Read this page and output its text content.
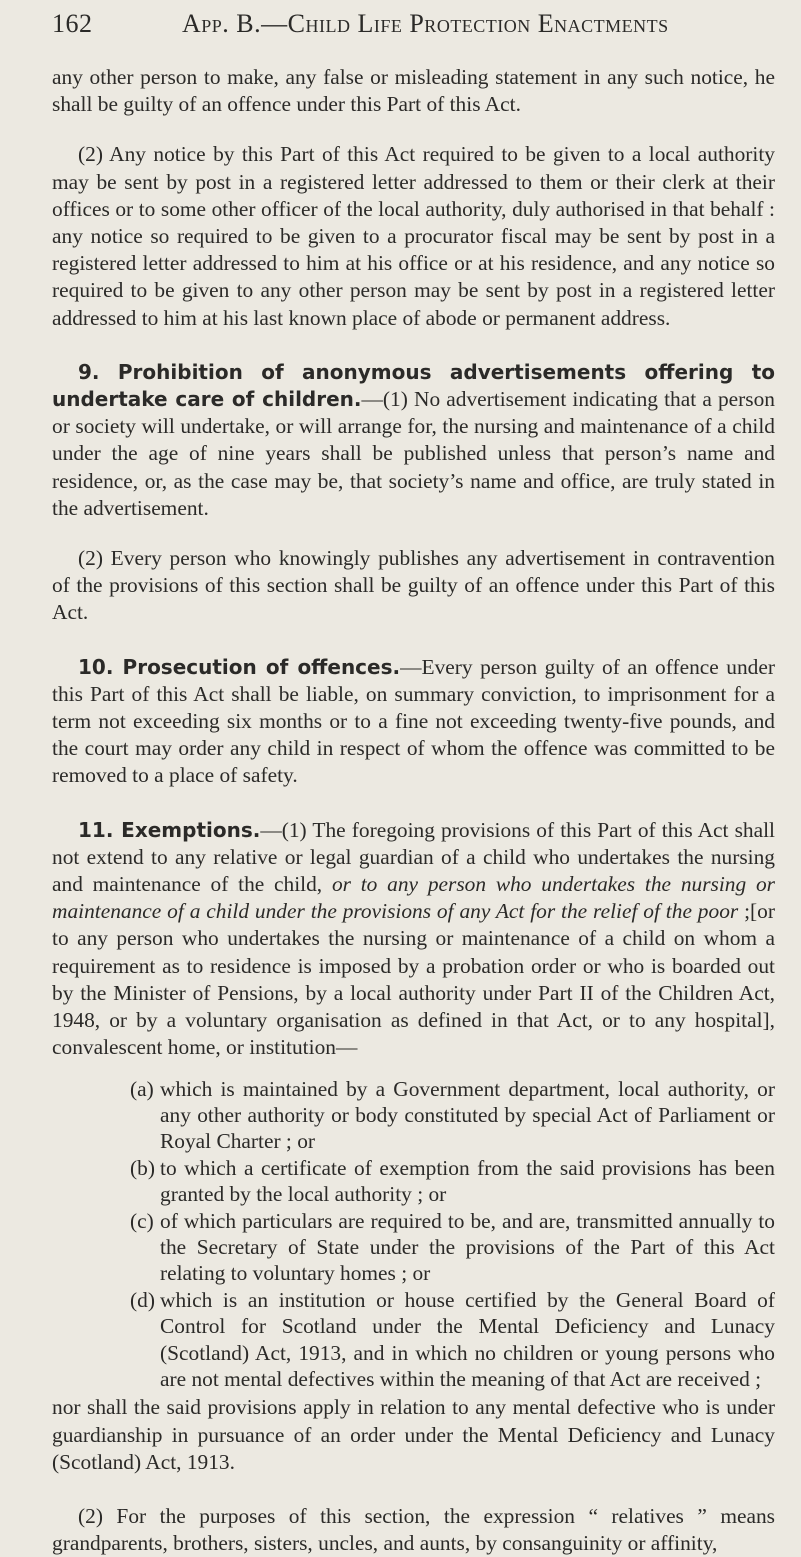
162	App. B.—Child Life Protection Enactments

any other person to make, any false or misleading statement in any such notice, he shall be guilty of an offence under this Part of this Act.

(2) Any notice by this Part of this Act required to be given to a local authority may be sent by post in a registered letter addressed to them or their clerk at their offices or to some other officer of the local authority, duly authorised in that behalf : any notice so required to be given to a procurator fiscal may be sent by post in a registered letter addressed to him at his office or at his residence, and any notice so required to be given to any other person may be sent by post in a registered letter addressed to him at his last known place of abode or permanent address.

9. Prohibition of anonymous advertisements offering to undertake care of children.—(1) No advertisement indicating that a person or society will undertake, or will arrange for, the nursing and maintenance of a child under the age of nine years shall be published unless that person’s name and residence, or, as the case may be, that society’s name and office, are truly stated in the advertisement.

(2) Every person who knowingly publishes any advertisement in contravention of the provisions of this section shall be guilty of an offence under this Part of this Act.

10. Prosecution of offences.—Every person guilty of an offence under this Part of this Act shall be liable, on summary conviction, to imprisonment for a term not exceeding six months or to a fine not exceeding twenty-five pounds, and the court may order any child in respect of whom the offence was committed to be removed to a place of safety.

11. Exemptions.—(1) The foregoing provisions of this Part of this Act shall not extend to any relative or legal guardian of a child who undertakes the nursing and maintenance of the child, or to any person who undertakes the nursing or maintenance of a child under the provisions of any Act for the relief of the poor ;[or to any person who undertakes the nursing or maintenance of a child on whom a requirement as to residence is imposed by a probation order or who is boarded out by the Minister of Pensions, by a local authority under Part II of the Children Act, 1948, or by a voluntary organisation as defined in that Act, or to any hospital], convalescent home, or institution—

(a) which is maintained by a Government department, local authority, or any other authority or body constituted by special Act of Parliament or Royal Charter ; or
(b) to which a certificate of exemption from the said provisions has been granted by the local authority ; or
(c) of which particulars are required to be, and are, transmitted annually to the Secretary of State under the provisions of the Part of this Act relating to voluntary homes ; or
(d) which is an institution or house certified by the General Board of Control for Scotland under the Mental Deficiency and Lunacy (Scotland) Act, 1913, and in which no children or young persons who are not mental defectives within the meaning of that Act are received ;

nor shall the said provisions apply in relation to any mental defective who is under guardianship in pursuance of an order under the Mental Deficiency and Lunacy (Scotland) Act, 1913.

(2) For the purposes of this section, the expression “ relatives ” means grandparents, brothers, sisters, uncles, and aunts, by consanguinity or affinity,
